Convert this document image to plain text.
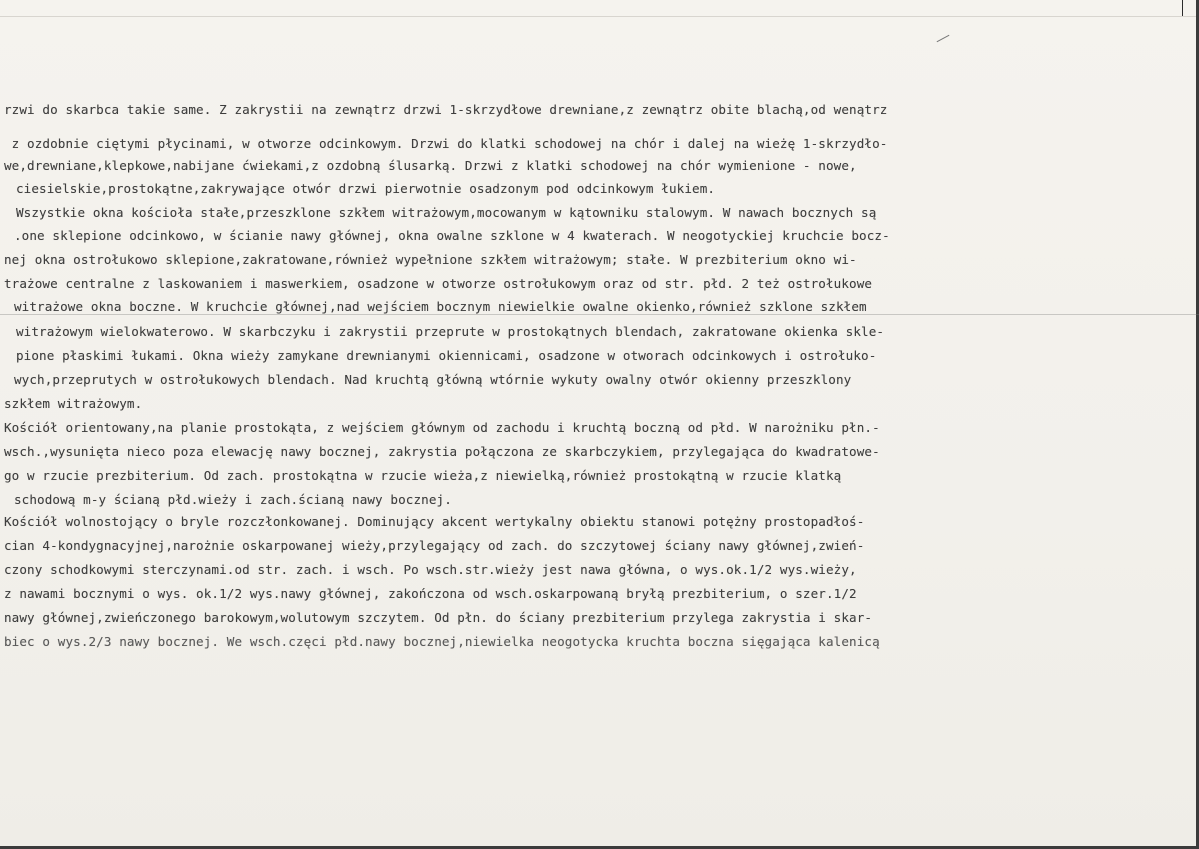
rzwi do skarbca takie same. Z zakrystii na zewnątrz drzwi 1-skrzydłowe drewniane,z zewnątrz obite blachą,od wenątrz
z ozdobnie ciętymi płycinami, w otworze odcinkowym. Drzwi do klatki schodowej na chór i dalej na wieżę 1-skrzydło-
we,drewniane,klepkowe,nabijane ćwiekami,z ozdobną ślusarką. Drzwi z klatki schodowej na chór wymienione - nowe,
ciesielskie,prostokątne,zakrywające otwór drzwi pierwotnie osadzonym pod odcinkowym łukiem.
Wszystkie okna kościoła stałe,przeszklone szkłem witrażowym,mocowanym w kątowniku stalowym. W nawach bocznych są
.one sklepione odcinkowo, w ścianie nawy głównej, okna owalne szklone w 4 kwaterach. W neogotyckiej kruchcie bocz-
nej okna ostrołukowo sklepione,zakratowane,również wypełnione szkłem witrażowym; stałe. W prezbiterium okno wi-
trażowe centralne z laskowaniem i maswerkiem, osadzone w otworze ostrołukowym oraz od str. płd. 2 też ostrołukowe
witrażowe okna boczne. W kruchcie głównej,nad wejściem bocznym niewielkie owalne okienko,również szklone szkłem
witrażowym wielokwaterowo. W skarbczyku i zakrystii przeprute w prostokątnych blendach, zakratowane okienka skle-
pione płaskimi łukami. Okna wieży zamykane drewnianymi okiennicami, osadzone w otworach odcinkowych i ostrołuko-
wych,przeprutych w ostrołukowych blendach. Nad kruchtą główną wtórnie wykuty owalny otwór okienny przeszklony
szkłem witrażowym.
Kościół orientowany,na planie prostokąta, z wejściem głównym od zachodu i kruchtą boczną od płd. W narożniku płn.-
wsch.,wysunięta nieco poza elewację nawy bocznej, zakrystia połączona ze skarbczykiem, przylegająca do kwadratowe-
go w rzucie prezbiterium. Od zach. prostokątna w rzucie wieża,z niewielką,również prostokątną w rzucie klatką
schodową m-y ścianą płd.wieży i zach.ścianą nawy bocznej.
Kościół wolnostojący o bryle rozczłonkowanej. Dominujący akcent wertykalny obiektu stanowi potężny prostopadłoś-
cian 4-kondygnacyjnej,narożnie oskarpowanej wieży,przylegający od zach. do szczytowej ściany nawy głównej,zwień-
czony schodkowymi sterczynami.od str. zach. i wsch. Po wsch.str.wieży jest nawa główna, o wys.ok.1/2 wys.wieży,
z nawami bocznymi o wys. ok.1/2 wys.nawy głównej, zakończona od wsch.oskarpowaną bryłą prezbiterium, o szer.1/2
nawy głównej,zwieńczonego barokowym,wolutowym szczytem. Od płn. do ściany prezbiterium przylega zakrystia i skar-
biec o wys.2/3 nawy bocznej. We wsch.częci płd.nawy bocznej,niewielka neogotycka kruchta boczna sięgająca kalenicą
